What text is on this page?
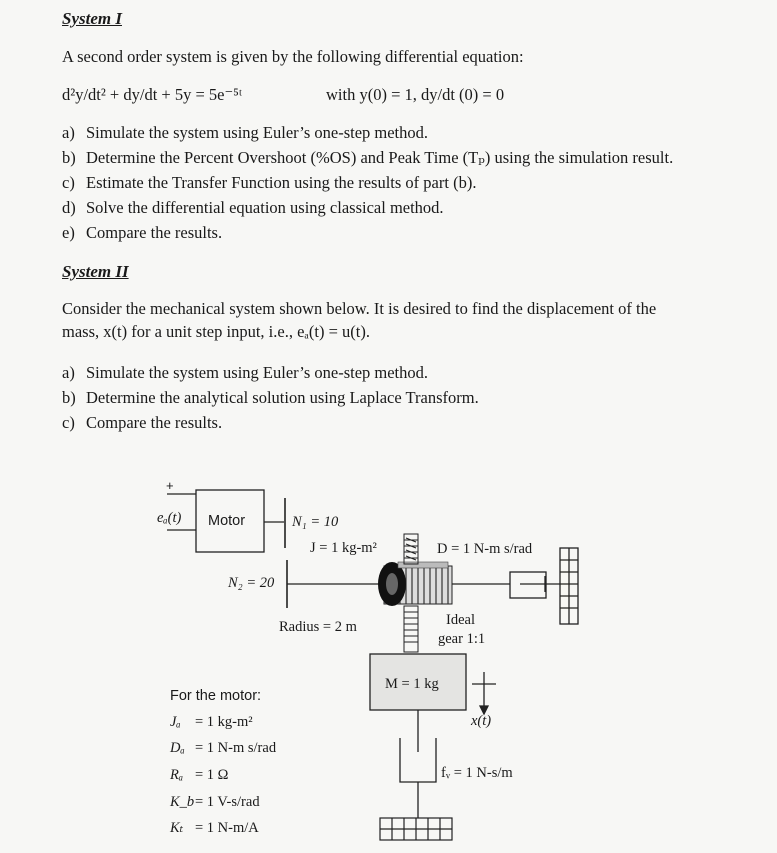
System I
A second order system is given by the following differential equation:
d²y/dt² + dy/dt + 5y = 5e⁻⁵ᵗ	with y(0) = 1, dy/dt (0) = 0
a) Simulate the system using Euler’s one-step method.
b) Determine the Percent Overshoot (%OS) and Peak Time (Tₚ) using the simulation result.
c) Estimate the Transfer Function using the results of part (b).
d) Solve the differential equation using classical method.
e) Compare the results.
System II
Consider the mechanical system shown below. It is desired to find the displacement of the
mass, x(t) for a unit step input, i.e., eₐ(t) = u(t).
a) Simulate the system using Euler’s one-step method.
b) Determine the analytical solution using Laplace Transform.
c) Compare the results.
+
eₐ(t) Motor	N₁ = 10
J = 1 kg-m²	D = 1 N-m s/rad
N₂ = 20
Radius = 2 m	Ideal
gear 1:1
M = 1 kg
x(t)
fᵥ = 1 N-s/m
For the motor:
Jₐ = 1 kg-m²
Dₐ = 1 N-m s/rad
Rₐ = 1 Ω
K_b = 1 V-s/rad
Kₜ = 1 N-m/A
